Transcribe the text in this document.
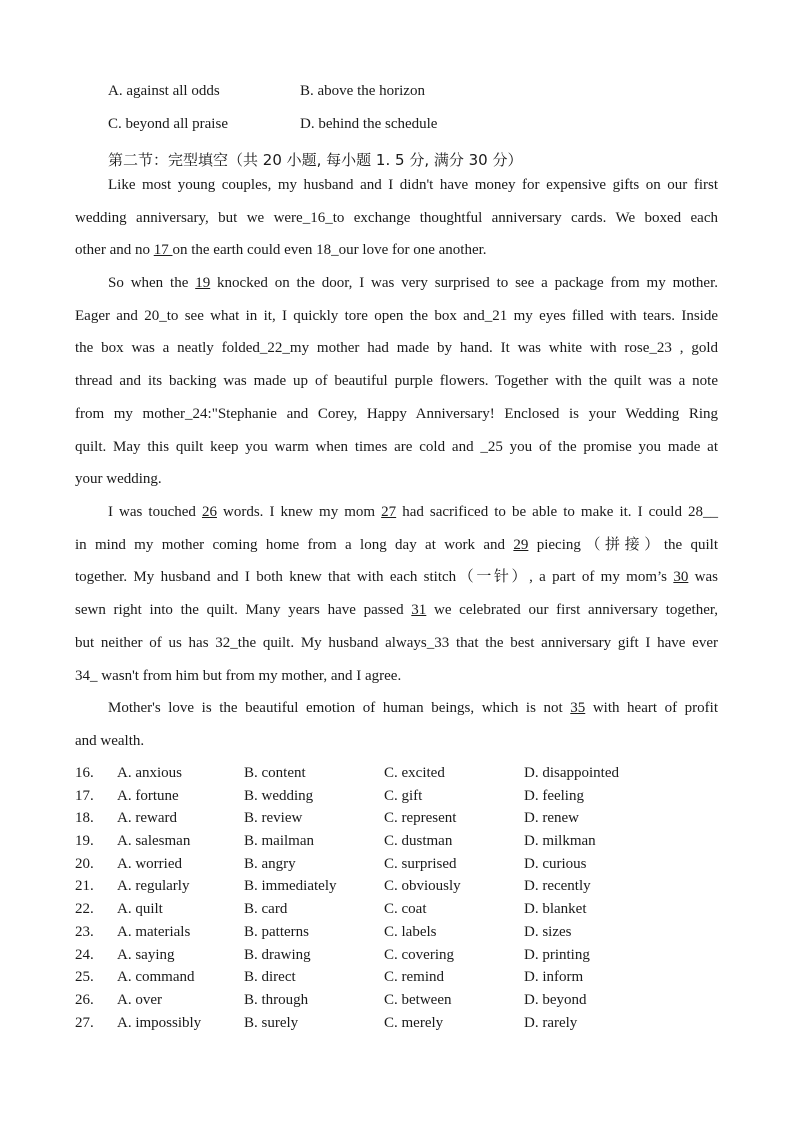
A. against all odds	B. above the horizon
C. beyond all praise	D. behind the schedule
第二节：完型填空（共 20 小题, 每小题 1. 5 分, 满分 30 分）
Like most young couples, my husband and I didn't have money for expensive gifts on our first
wedding anniversary, but we were_16_to exchange thoughtful anniversary cards. We boxed each
other and no 17 on the earth could even 18_our love for one another.
So when the 19 knocked on the door, I was very surprised to see a package from my mother.
Eager and 20_to see what in it, I quickly tore open the box and_21 my eyes filled with tears. Inside
the box was a neatly folded_22_my mother had made by hand. It was white with rose_23 , gold
thread and its backing was made up of beautiful purple flowers. Together with the quilt was a note
from my mother_24:"Stephanie and Corey, Happy Anniversary! Enclosed is your Wedding Ring
quilt. May this quilt keep you warm when times are cold and _25 you of the promise you made at
your wedding.
I was touched 26 words. I knew my mom 27 had sacrificed to be able to make it. I could 28__
in mind my mother coming home from a long day at work and 29 piecing（拼接）the quilt
together. My husband and I both knew that with each stitch（一针）, a part of my mom’s 30 was
sewn right into the quilt. Many years have passed 31 we celebrated our first anniversary together,
but neither of us has 32_the quilt. My husband always_33 that the best anniversary gift I have ever
34_ wasn't from him but from my mother, and I agree.
Mother's love is the beautiful emotion of human beings, which is not 35 with heart of profit
and wealth.
16. A. anxious	B. content	C. excited	D. disappointed
17. A. fortune	B. wedding	C. gift	D. feeling
18. A. reward	B. review	C. represent	D. renew
19. A. salesman	B. mailman	C. dustman	D. milkman
20. A. worried	B. angry	C. surprised	D. curious
21. A. regularly	B. immediately	C. obviously	D. recently
22. A. quilt	B. card	C. coat	D. blanket
23. A. materials	B. patterns	C. labels	D. sizes
24. A. saying	B. drawing	C. covering	D. printing
25. A. command	B. direct	C. remind	D. inform
26. A. over	B. through	C. between	D. beyond
27. A. impossibly	B. surely	C. merely	D. rarely
